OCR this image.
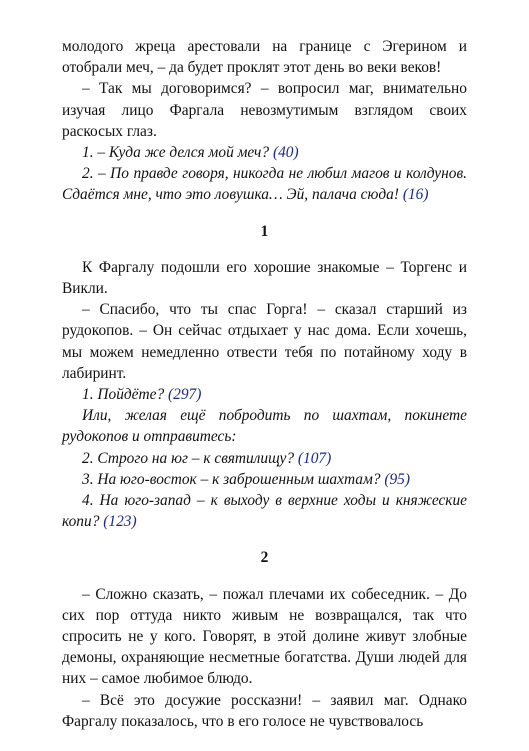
молодого жреца арестовали на границе с Эгерином и отобрали меч, – да будет проклят этот день во веки веков!

– Так мы договоримся? – вопросил маг, внимательно изучая лицо Фаргала невозмутимым взглядом своих раскосых глаз.

1. – Куда же делся мой меч? (40)

2. – По правде говоря, никогда не любил магов и колдунов. Сдаётся мне, что это ловушка… Эй, палача сюда! (16)

1

К Фаргалу подошли его хорошие знакомые – Торгенс и Викли.

– Спасибо, что ты спас Горга! – сказал старший из рудокопов. – Он сейчас отдыхает у нас дома. Если хочешь, мы можем немедленно отвести тебя по потайному ходу в лабиринт.

1. Пойдёте? (297)

Или, желая ещё побродить по шахтам, покинете рудокопов и отправитесь:

2. Строго на юг – к святилищу? (107)

3. На юго-восток – к заброшенным шахтам? (95)

4. На юго-запад – к выходу в верхние ходы и княжеские копи? (123)

2

– Сложно сказать, – пожал плечами их собеседник. – До сих пор оттуда никто живым не возвращался, так что спросить не у кого. Говорят, в этой долине живут злобные демоны, охраняющие несметные богатства. Души людей для них – самое любимое блюдо.

– Всё это досужие россказни! – заявил маг. Однако Фаргалу показалось, что в его голосе не чувствовалось
